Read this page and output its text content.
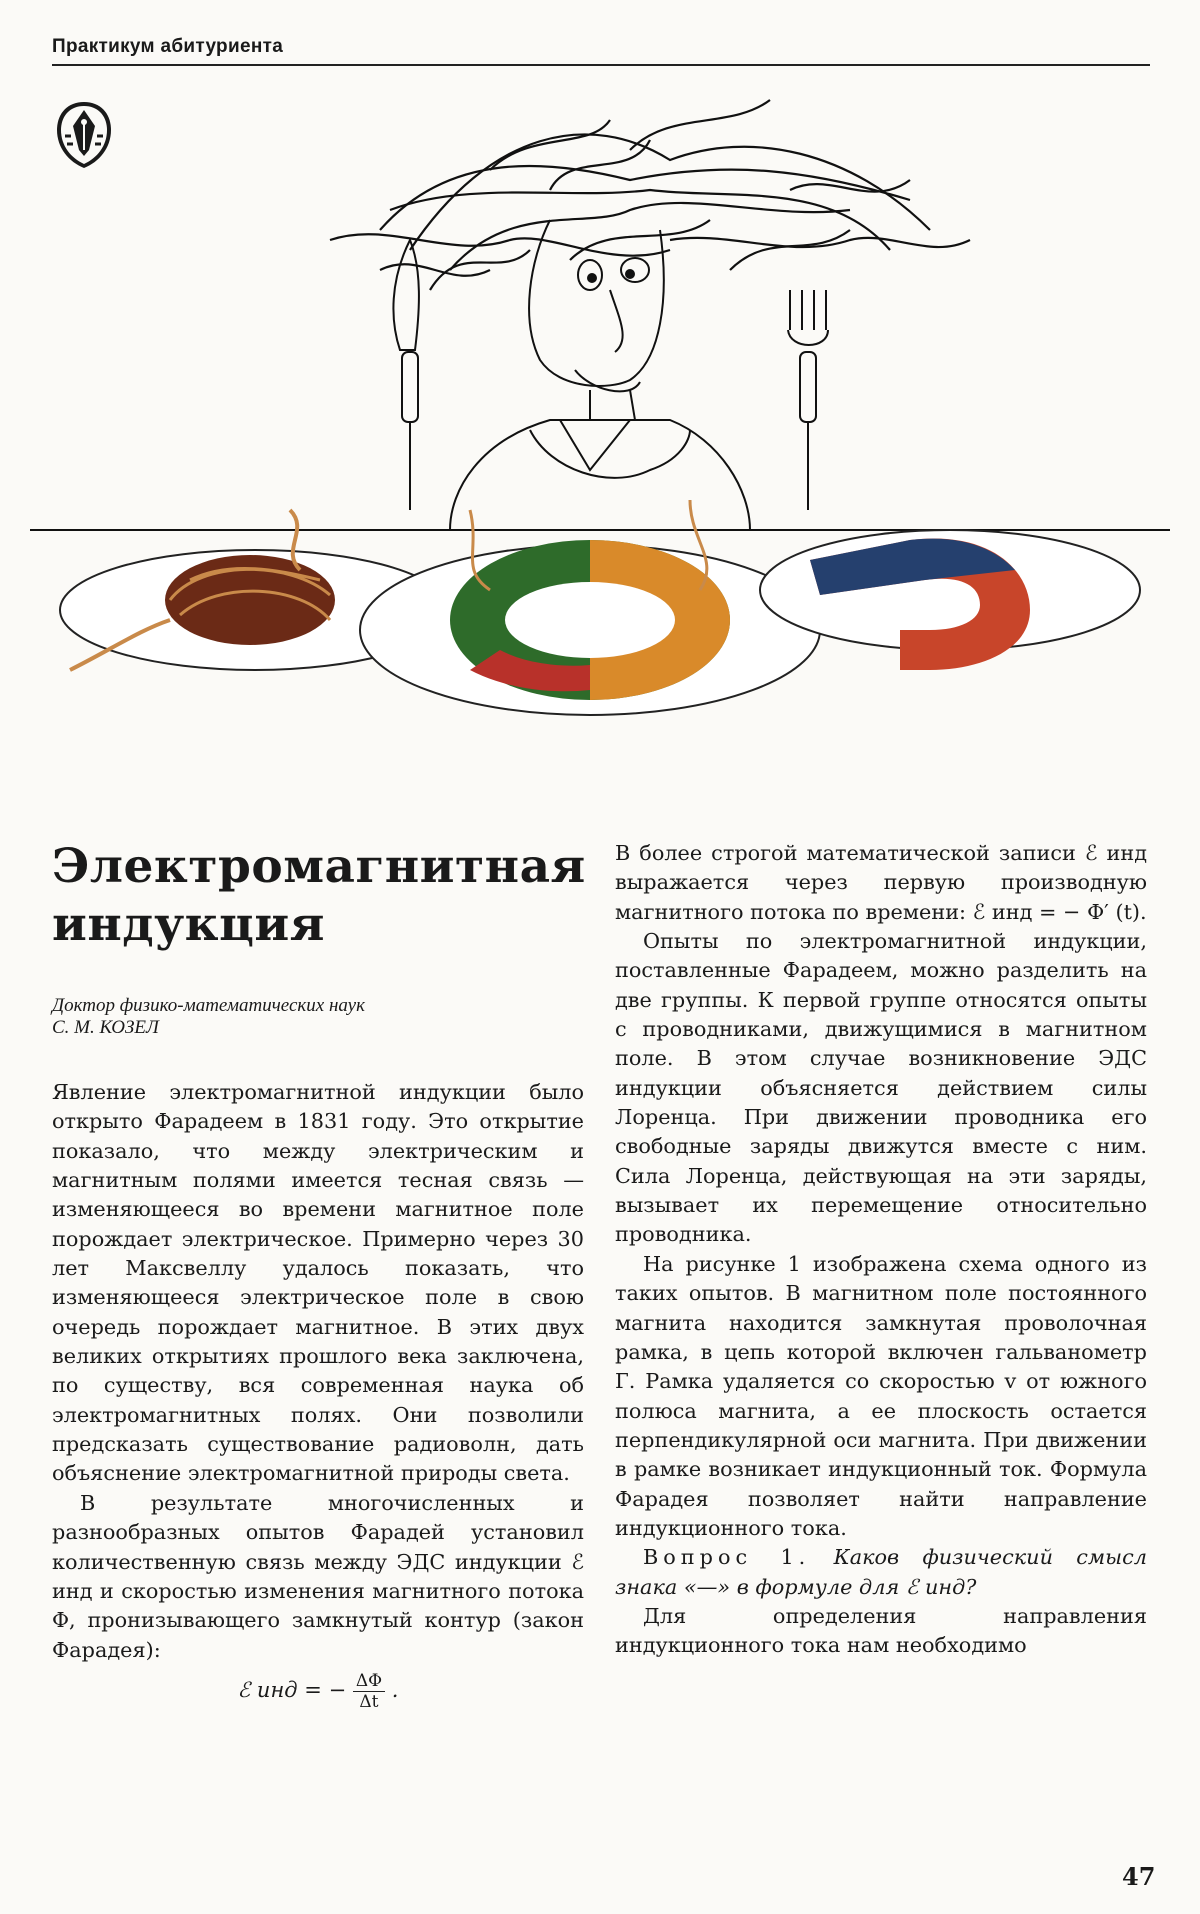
Практикум абитуриента
Электромагнитная
индукция
Доктор физико-математических наук
С. М. КОЗЕЛ

Явление электромагнитной индукции было открыто Фарадеем в 1831 году. Это открытие показало, что между электрическим и магнитным полями имеется тесная связь — изменяющееся во времени магнитное поле порождает электрическое. Примерно через 30 лет Максвеллу удалось показать, что изменяющееся электрическое поле в свою очередь порождает магнитное. В этих двух великих открытиях прошлого века заключена, по существу, вся современная наука об электромагнитных полях. Они позволили предсказать существование радиоволн, дать объяснение электромагнитной природы света.

В результате многочисленных и разнообразных опытов Фарадей установил количественную связь между ЭДС индукции ℰ инд и скоростью изменения магнитного потока Φ, пронизывающего замкнутый контур (закон Фарадея):

ℰ инд = − $\frac{\Delta\Phi}{\Delta t}$ .

В более строгой математической записи ℰ инд выражается через первую производную магнитного потока по времени: ℰ инд = − Φ′ (t).

Опыты по электромагнитной индукции, поставленные Фарадеем, можно разделить на две группы. К первой группе относятся опыты с проводниками, движущимися в магнитном поле. В этом случае возникновение ЭДС индукции объясняется действием силы Лоренца. При движении проводника его свободные заряды движутся вместе с ним. Сила Лоренца, действующая на эти заряды, вызывает их перемещение относительно проводника.

На рисунке 1 изображена схема одного из таких опытов. В магнитном поле постоянного магнита находится замкнутая проволочная рамка, в цепь которой включен гальванометр Г. Рамка удаляется со скоростью v от южного полюса магнита, а ее плоскость остается перпендикулярной оси магнита. При движении в рамке возникает индукционный ток. Формула Фарадея позволяет найти направление индукционного тока.

Вопрос 1. Каков физический смысл знака «—» в формуле для ℰ инд?

Для определения направления индукционного тока нам необходимо

47
